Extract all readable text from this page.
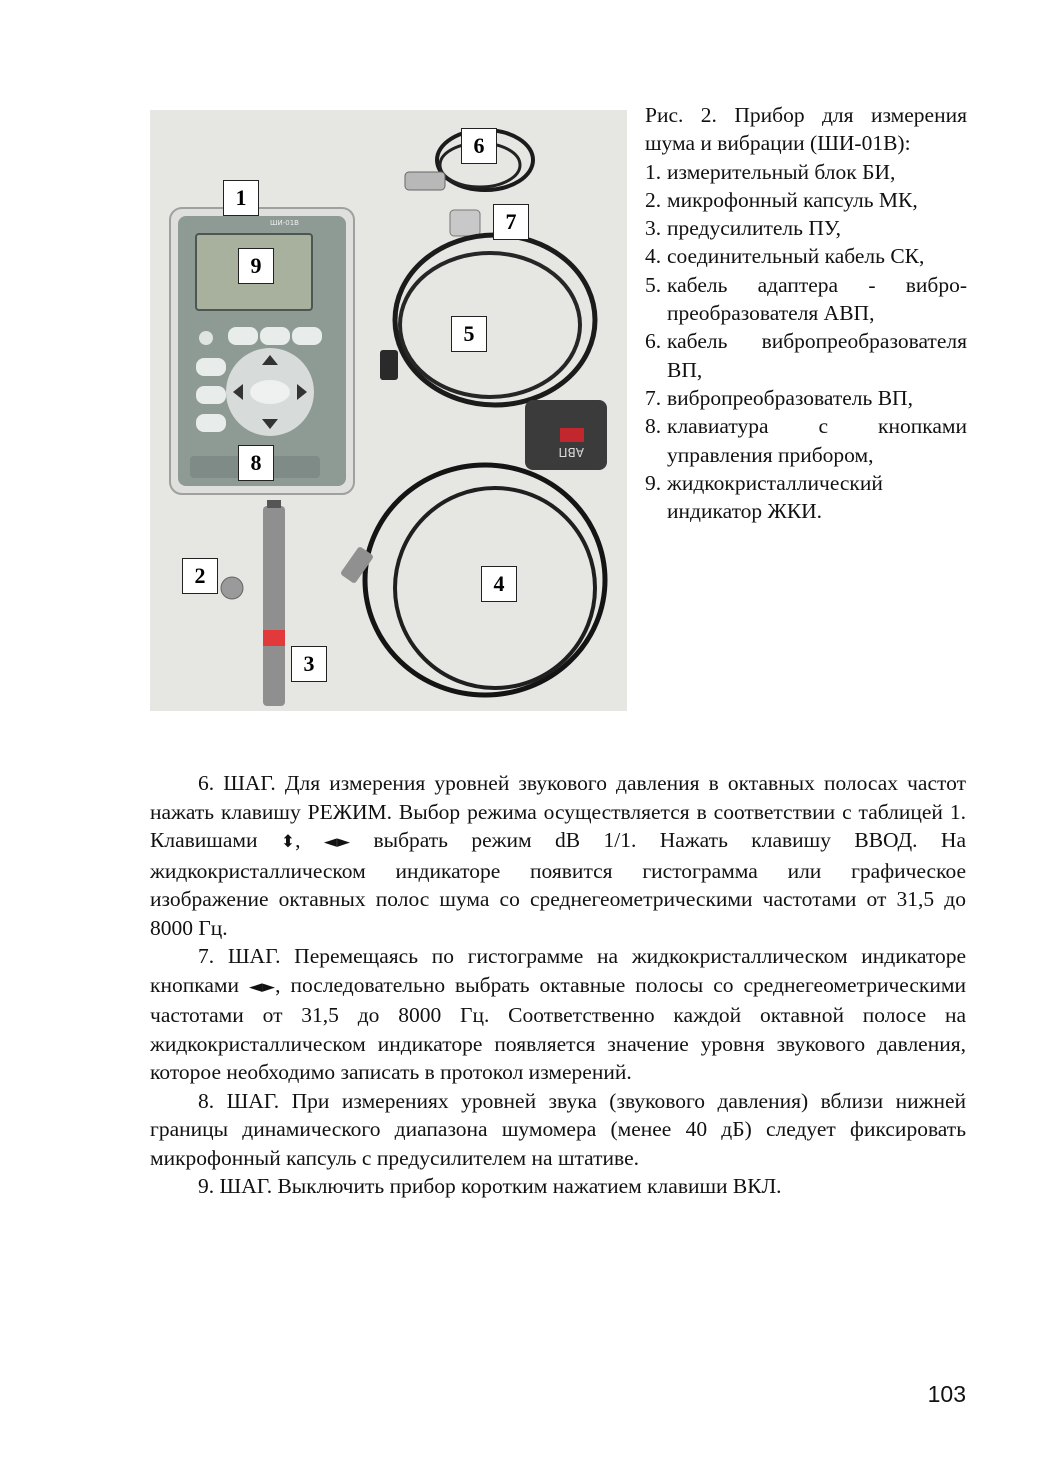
АВП
ШИ-01В
1
2
3
4
5
6
7
8
9
Рис. 2. Прибор для измерения
шума и вибрации (ШИ-01В):
1. измерительный блок БИ,
2. микрофонный капсуль МК,
3. предусилитель ПУ,
4. соединительный кабель СК,
5. кабель адаптера - вибропреобразователя АВП,
6. кабель вибропреобразователя ВП,
7. вибропреобразователь ВП,
8. клавиатура с кнопками управления прибором,
9. жидкокристаллический индикатор ЖКИ.

6. ШАГ. Для измерения уровней звукового давления в октавных полосах частот нажать клавишу РЕЖИМ. Выбор режима осуществляется в соответствии с таблицей 1. Клавишами ⬍, ◄► выбрать режим dB 1/1. Нажать клавишу ВВОД. На жидкокристаллическом индикаторе появится гистограмма или графическое изображение октавных полос шума со среднегеометрическими частотами от 31,5 до 8000 Гц.

7. ШАГ. Перемещаясь по гистограмме на жидкокристаллическом индикаторе кнопками ◄►, последовательно выбрать октавные полосы со среднегеометрическими частотами от 31,5 до 8000 Гц. Соответственно каждой октавной полосе на жидкокристаллическом индикаторе появляется значение уровня звукового давления, которое необходимо записать в протокол измерений.

8. ШАГ. При измерениях уровней звука (звукового давления) вблизи нижней границы динамического диапазона шумомера (менее 40 дБ) следует фиксировать микрофонный капсуль с предусилителем на штативе.

9. ШАГ. Выключить прибор коротким нажатием клавиши ВКЛ.

103
